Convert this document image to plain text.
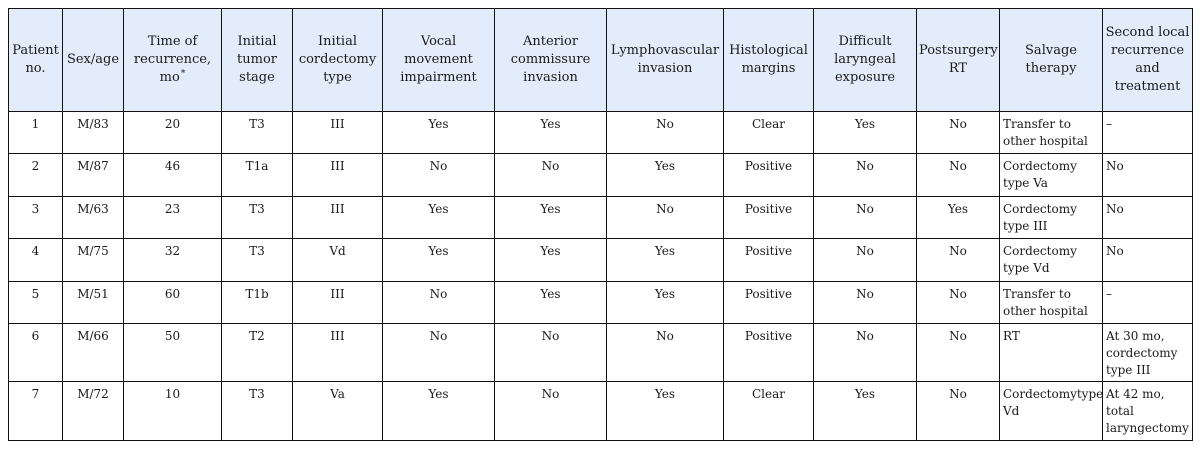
Patient no.	Sex/age	Time of recurrence, mo*	Initial tumor stage	Initial cordectomy type	Vocal movement impairment	Anterior commissure invasion	Lymphovascular invasion	Histological margins	Difficult laryngeal exposure	Postsurgery RT	Salvage therapy	Second local recurrence and treatment
1	M/83	20	T3	III	Yes	Yes	No	Clear	Yes	No	Transfer to other hospital	–
2	M/87	46	T1a	III	No	No	Yes	Positive	No	No	Cordectomy type Va	No
3	M/63	23	T3	III	Yes	Yes	No	Positive	No	Yes	Cordectomy type III	No
4	M/75	32	T3	Vd	Yes	Yes	Yes	Positive	No	No	Cordectomy type Vd	No
5	M/51	60	T1b	III	No	Yes	Yes	Positive	No	No	Transfer to other hospital	–
6	M/66	50	T2	III	No	No	No	Positive	No	No	RT	At 30 mo, cordectomy type III
7	M/72	10	T3	Va	Yes	No	Yes	Clear	Yes	No	Cordectomytype Vd	At 42 mo, total laryngectomy
